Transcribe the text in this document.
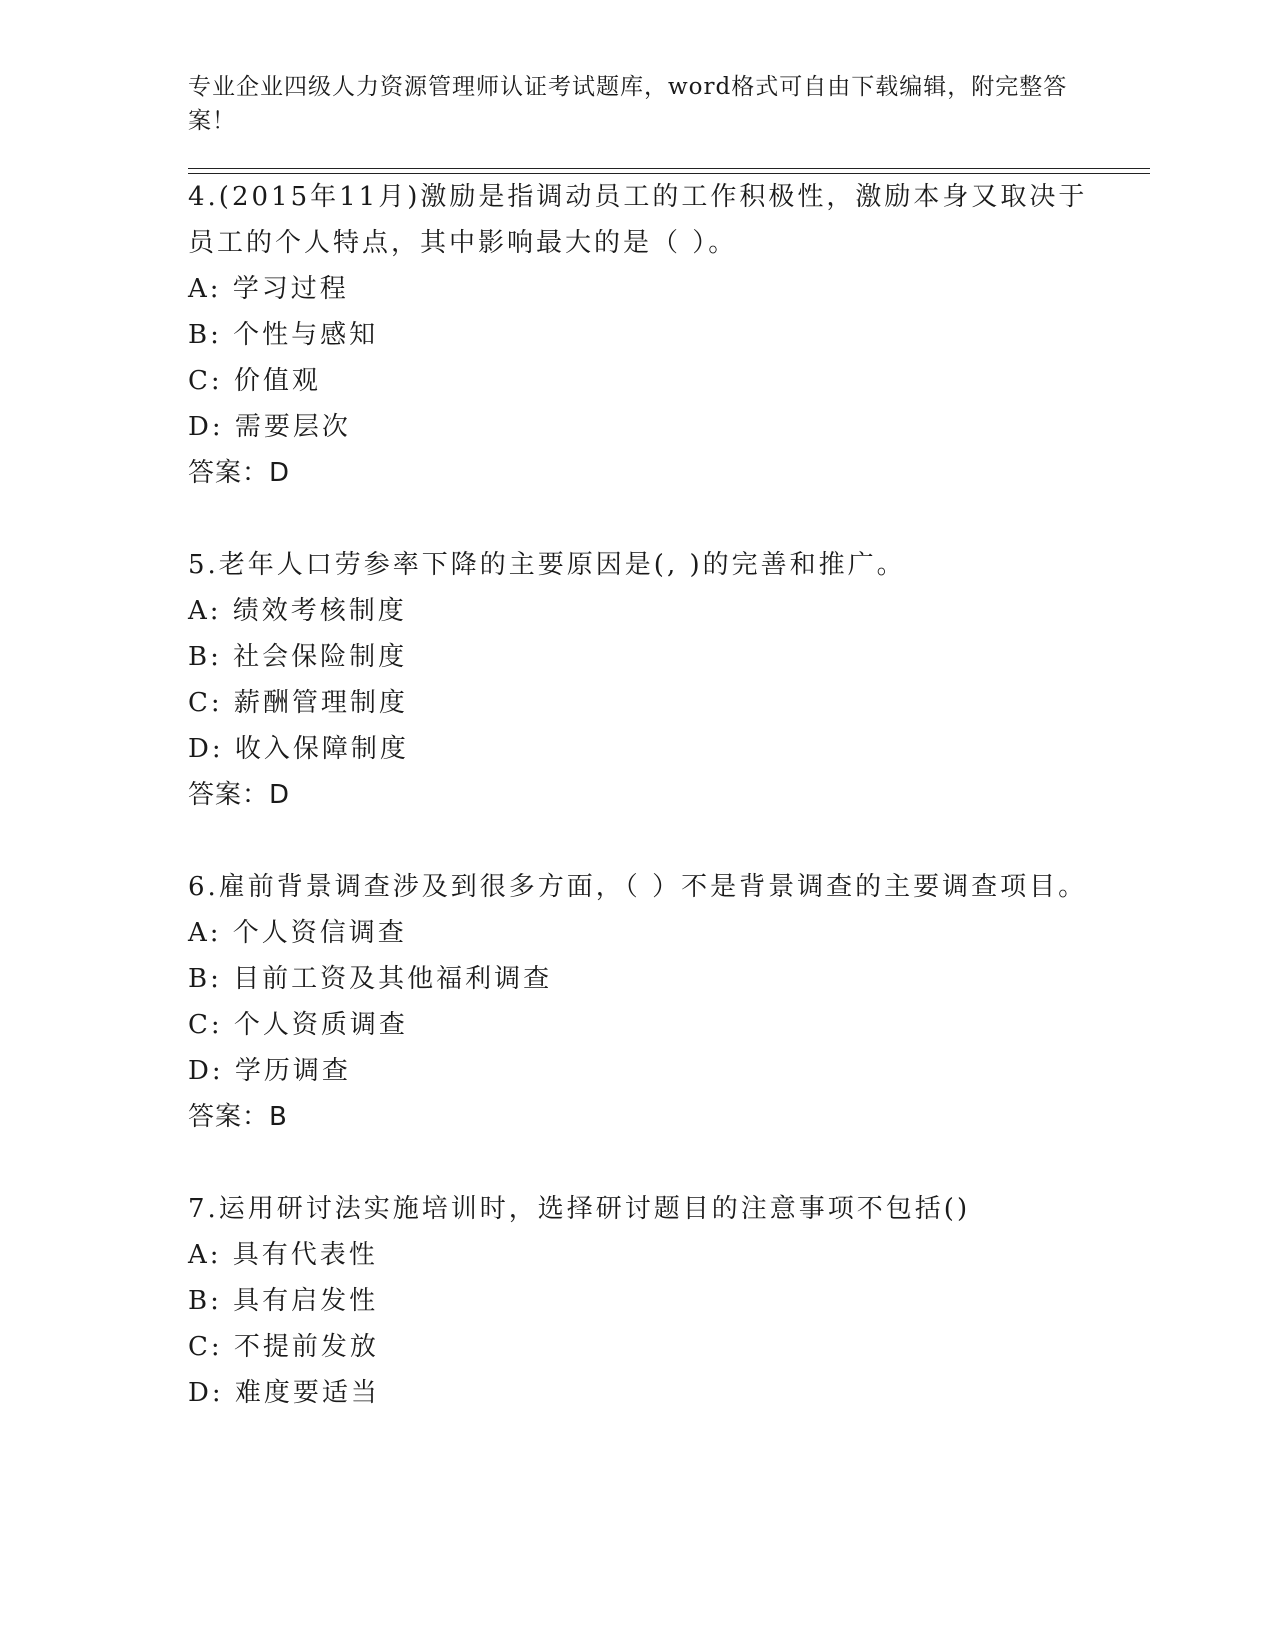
专业企业四级人力资源管理师认证考试题库，word格式可自由下载编辑，附完整答案！

4.(2015年11月)激励是指调动员工的工作积极性，激励本身又取决于员工的个人特点，其中影响最大的是（ ）。

A: 学习过程

B: 个性与感知

C: 价值观

D: 需要层次

答案：D

5.老年人口劳参率下降的主要原因是(, )的完善和推广。

A: 绩效考核制度

B: 社会保险制度

C: 薪酬管理制度

D: 收入保障制度

答案：D

6.雇前背景调查涉及到很多方面，（ ）不是背景调查的主要调查项目。

A: 个人资信调查

B: 目前工资及其他福利调查

C: 个人资质调查

D: 学历调查

答案：B

7.运用研讨法实施培训时，选择研讨题目的注意事项不包括()

A: 具有代表性

B: 具有启发性

C: 不提前发放

D: 难度要适当
